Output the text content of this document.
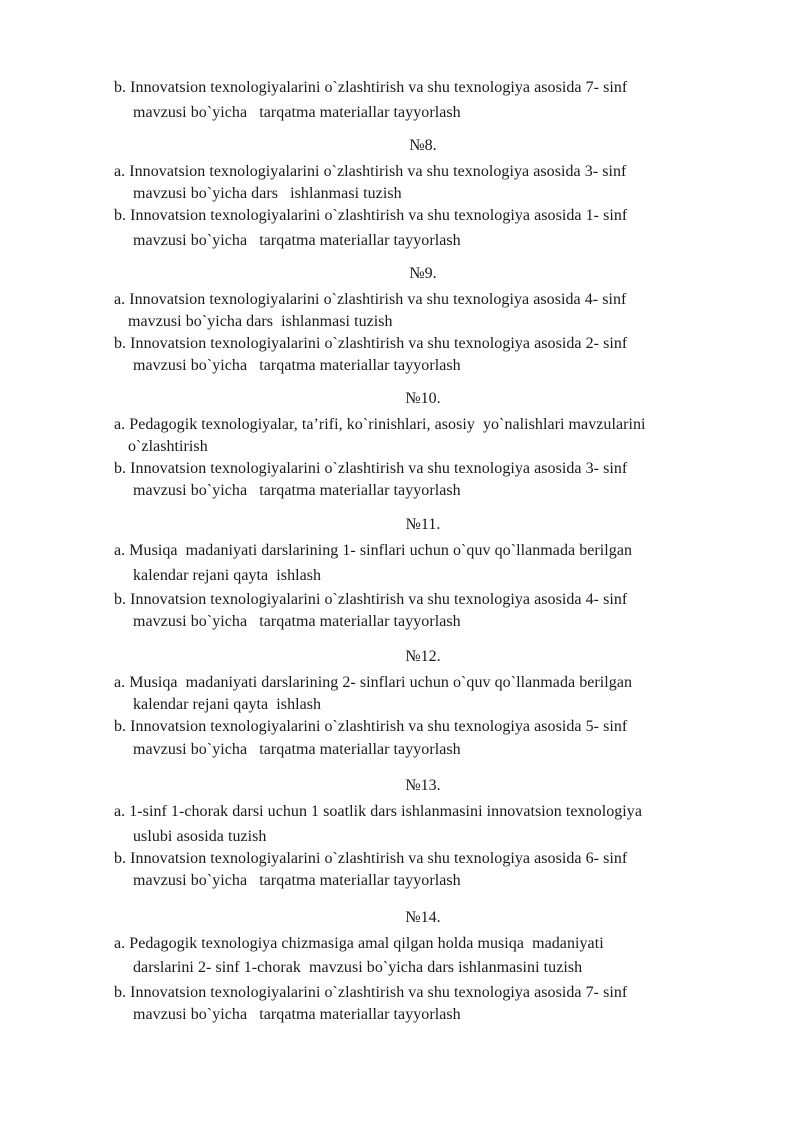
b. Innovatsion texnologiyalarini o`zlashtirish va shu texnologiya asosida 7- sinf
mavzusi bo`yicha   tarqatma materiallar tayyorlash
№8.
a. Innovatsion texnologiyalarini o`zlashtirish va shu texnologiya asosida 3- sinf
mavzusi bo`yicha dars   ishlanmasi tuzish
b. Innovatsion texnologiyalarini o`zlashtirish va shu texnologiya asosida 1- sinf
mavzusi bo`yicha   tarqatma materiallar tayyorlash
№9.
a. Innovatsion texnologiyalarini o`zlashtirish va shu texnologiya asosida 4- sinf
mavzusi bo`yicha dars  ishlanmasi tuzish
b. Innovatsion texnologiyalarini o`zlashtirish va shu texnologiya asosida 2- sinf
mavzusi bo`yicha   tarqatma materiallar tayyorlash
№10.
a. Pedagogik texnologiyalar, ta’rifi, ko`rinishlari, asosiy  yo`nalishlari mavzularini
o`zlashtirish
b. Innovatsion texnologiyalarini o`zlashtirish va shu texnologiya asosida 3- sinf
mavzusi bo`yicha   tarqatma materiallar tayyorlash
№11.
a. Musiqa  madaniyati darslarining 1- sinflari uchun o`quv qo`llanmada berilgan
kalendar rejani qayta  ishlash
b. Innovatsion texnologiyalarini o`zlashtirish va shu texnologiya asosida 4- sinf
mavzusi bo`yicha   tarqatma materiallar tayyorlash
№12.
a. Musiqa  madaniyati darslarining 2- sinflari uchun o`quv qo`llanmada berilgan
kalendar rejani qayta  ishlash
b. Innovatsion texnologiyalarini o`zlashtirish va shu texnologiya asosida 5- sinf
mavzusi bo`yicha   tarqatma materiallar tayyorlash
№13.
a. 1-sinf 1-chorak darsi uchun 1 soatlik dars ishlanmasini innovatsion texnologiya
uslubi asosida tuzish
b. Innovatsion texnologiyalarini o`zlashtirish va shu texnologiya asosida 6- sinf
mavzusi bo`yicha   tarqatma materiallar tayyorlash
№14.
a. Pedagogik texnologiya chizmasiga amal qilgan holda musiqa  madaniyati
darslarini 2- sinf 1-chorak  mavzusi bo`yicha dars ishlanmasini tuzish
b. Innovatsion texnologiyalarini o`zlashtirish va shu texnologiya asosida 7- sinf
mavzusi bo`yicha   tarqatma materiallar tayyorlash
